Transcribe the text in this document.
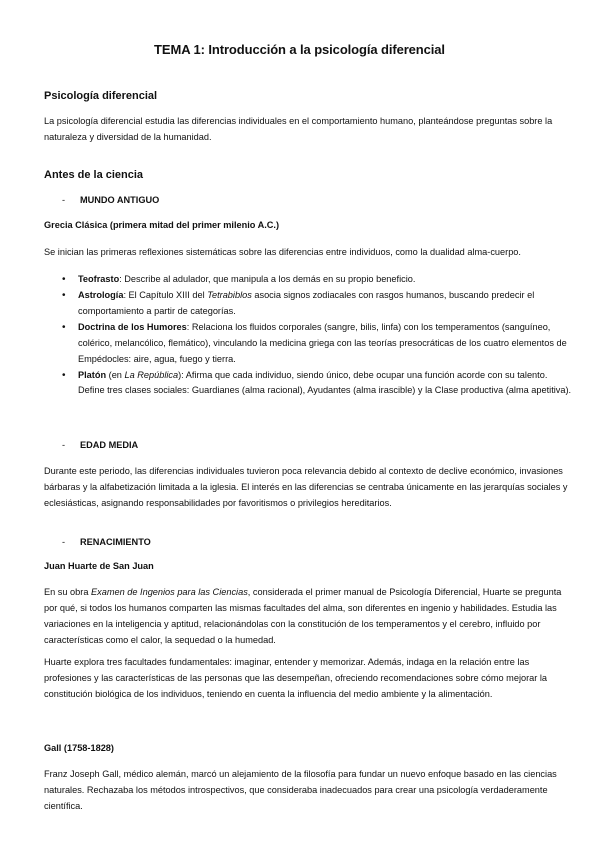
TEMA 1: Introducción a la psicología diferencial
Psicología diferencial
La psicología diferencial estudia las diferencias individuales en el comportamiento humano, planteándose preguntas sobre la naturaleza y diversidad de la humanidad.
Antes de la ciencia
- MUNDO ANTIGUO
Grecia Clásica (primera mitad del primer milenio A.C.)
Se inician las primeras reflexiones sistemáticas sobre las diferencias entre individuos, como la dualidad alma-cuerpo.
• Teofrasto: Describe al adulador, que manipula a los demás en su propio beneficio.
• Astrología: El Capítulo XIII del Tetrabiblos asocia signos zodiacales con rasgos humanos, buscando predecir el comportamiento a partir de categorías.
• Doctrina de los Humores: Relaciona los fluidos corporales (sangre, bilis, linfa) con los temperamentos (sanguíneo, colérico, melancólico, flemático), vinculando la medicina griega con las teorías presocráticas de los cuatro elementos de Empédocles: aire, agua, fuego y tierra.
• Platón (en La República): Afirma que cada individuo, siendo único, debe ocupar una función acorde con su talento. Define tres clases sociales: Guardianes (alma racional), Ayudantes (alma irascible) y la Clase productiva (alma apetitiva).
- EDAD MEDIA
Durante este periodo, las diferencias individuales tuvieron poca relevancia debido al contexto de declive económico, invasiones bárbaras y la alfabetización limitada a la iglesia. El interés en las diferencias se centraba únicamente en las jerarquías sociales y eclesiásticas, asignando responsabilidades por favoritismos o privilegios hereditarios.
- RENACIMIENTO
Juan Huarte de San Juan
En su obra Examen de Ingenios para las Ciencias, considerada el primer manual de Psicología Diferencial, Huarte se pregunta por qué, si todos los humanos comparten las mismas facultades del alma, son diferentes en ingenio y habilidades. Estudia las variaciones en la inteligencia y aptitud, relacionándolas con la constitución de los temperamentos y el cerebro, influido por características como el calor, la sequedad o la humedad.
Huarte explora tres facultades fundamentales: imaginar, entender y memorizar. Además, indaga en la relación entre las profesiones y las características de las personas que las desempeñan, ofreciendo recomendaciones sobre cómo mejorar la constitución biológica de los individuos, teniendo en cuenta la influencia del medio ambiente y la alimentación.
Gall (1758-1828)
Franz Joseph Gall, médico alemán, marcó un alejamiento de la filosofía para fundar un nuevo enfoque basado en las ciencias naturales. Rechazaba los métodos introspectivos, que consideraba inadecuados para crear una psicología verdaderamente científica.
